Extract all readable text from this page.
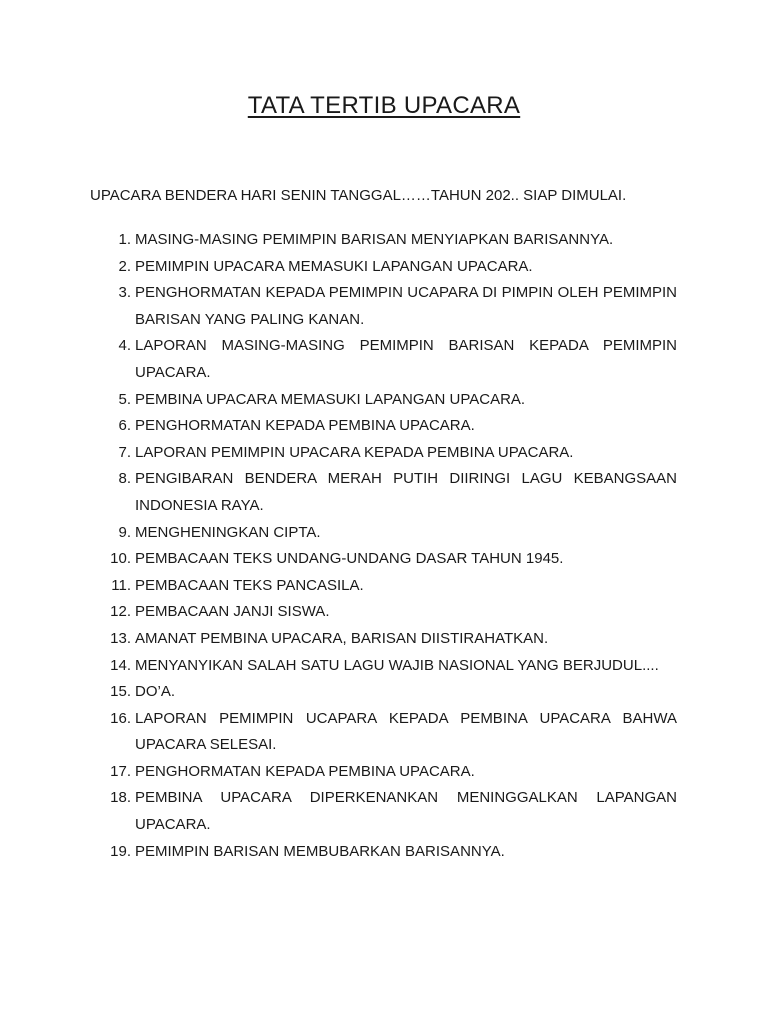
TATA TERTIB UPACARA
UPACARA BENDERA HARI SENIN TANGGAL……TAHUN 202.. SIAP DIMULAI.
1. MASING-MASING PEMIMPIN BARISAN MENYIAPKAN BARISANNYA.
2. PEMIMPIN UPACARA MEMASUKI LAPANGAN UPACARA.
3. PENGHORMATAN KEPADA PEMIMPIN UCAPARA DI PIMPIN OLEH PEMIMPIN BARISAN YANG PALING KANAN.
4. LAPORAN MASING-MASING PEMIMPIN BARISAN KEPADA PEMIMPIN UPACARA.
5. PEMBINA UPACARA MEMASUKI LAPANGAN UPACARA.
6. PENGHORMATAN KEPADA PEMBINA UPACARA.
7. LAPORAN PEMIMPIN UPACARA KEPADA PEMBINA UPACARA.
8. PENGIBARAN BENDERA MERAH PUTIH DIIRINGI LAGU KEBANGSAAN INDONESIA RAYA.
9. MENGHENINGKAN CIPTA.
10. PEMBACAAN TEKS UNDANG-UNDANG DASAR TAHUN 1945.
11. PEMBACAAN TEKS PANCASILA.
12. PEMBACAAN JANJI SISWA.
13. AMANAT PEMBINA UPACARA, BARISAN DIISTIRAHATKAN.
14. MENYANYIKAN SALAH SATU LAGU WAJIB NASIONAL YANG BERJUDUL....
15. DO’A.
16. LAPORAN PEMIMPIN UCAPARA KEPADA PEMBINA UPACARA BAHWA UPACARA SELESAI.
17. PENGHORMATAN KEPADA PEMBINA UPACARA.
18. PEMBINA UPACARA DIPERKENANKAN MENINGGALKAN LAPANGAN UPACARA.
19. PEMIMPIN BARISAN MEMBUBARKAN BARISANNYA.
